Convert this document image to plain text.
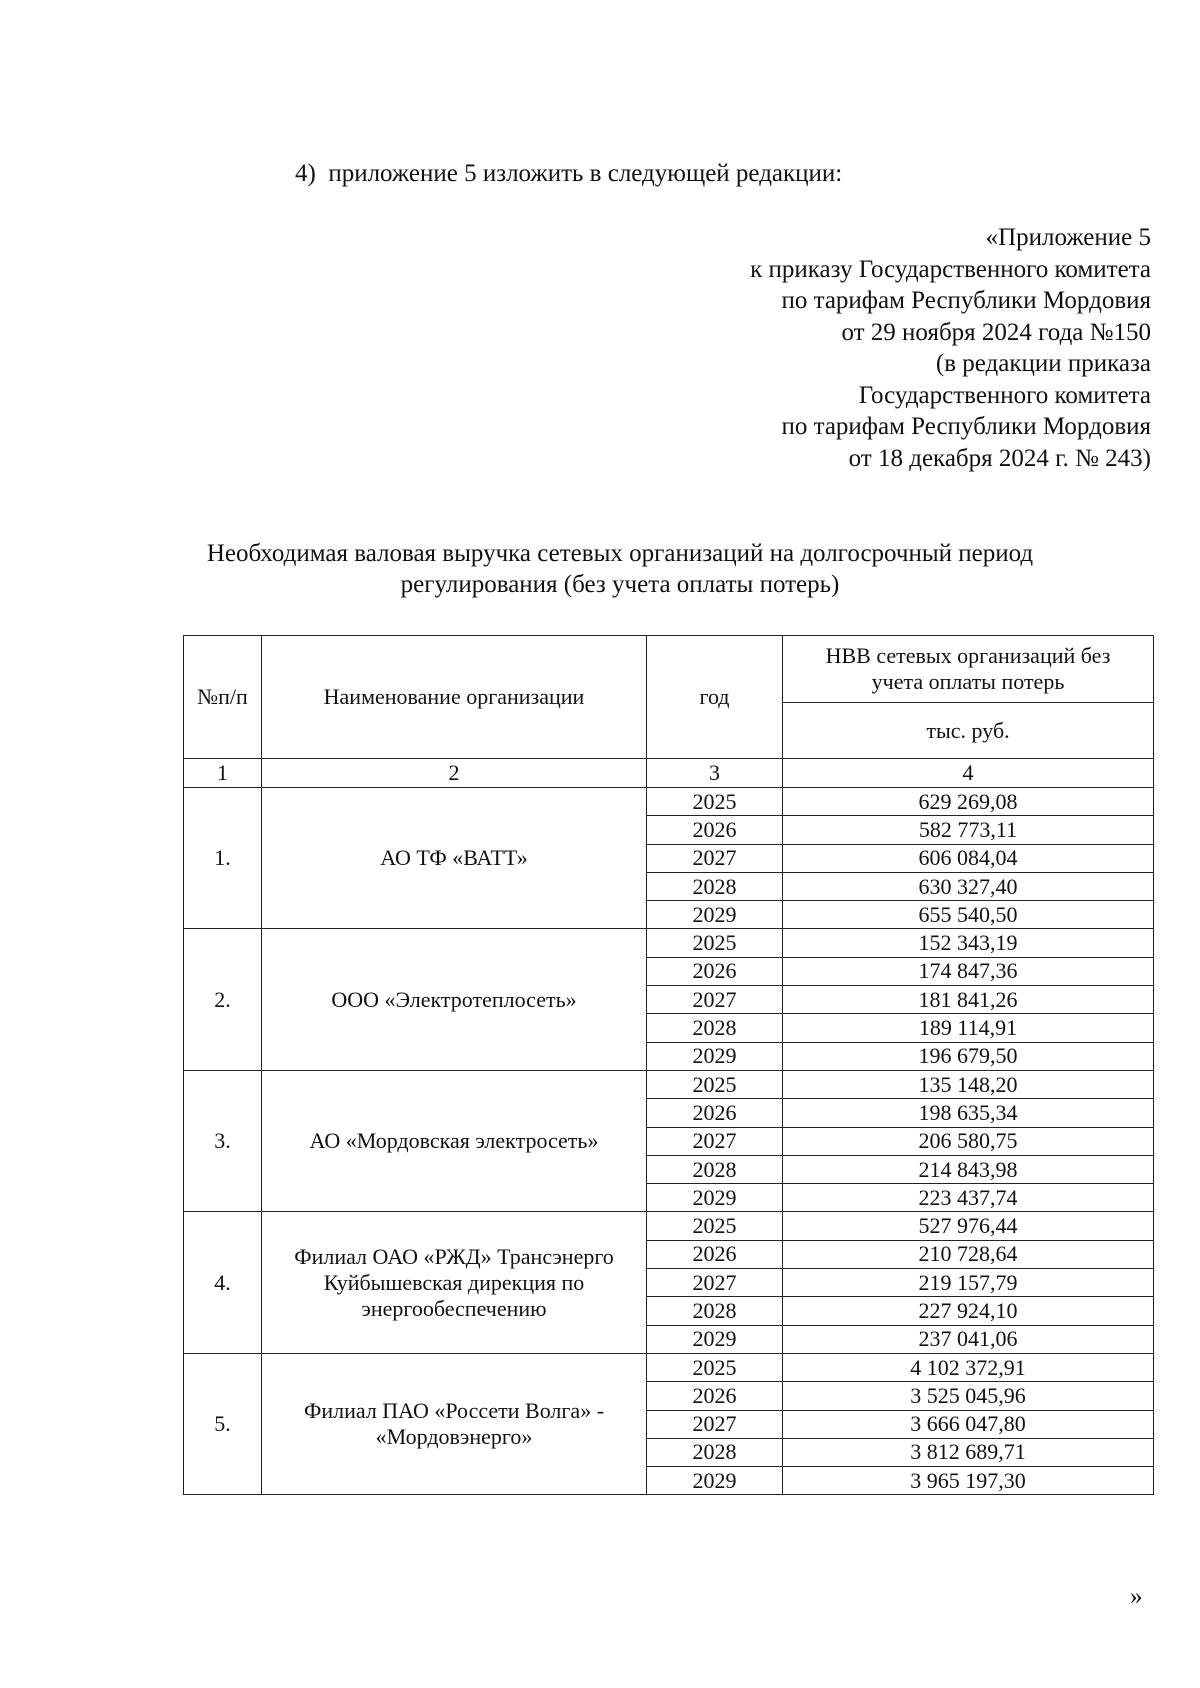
4)  приложение 5 изложить в следующей редакции:
«Приложение 5
к приказу Государственного комитета
по тарифам Республики Мордовия
от 29 ноября 2024 года №150
(в редакции приказа
Государственного комитета
по тарифам Республики Мордовия
от 18 декабря 2024 г. № 243)
Необходимая валовая выручка сетевых организаций на долгосрочный период
регулирования (без учета оплаты потерь)
№п/п	Наименование организации	год	НВВ сетевых организаций без учета оплаты потерь
			тыс. руб.
1	2	3	4
1.	АО ТФ «ВАТТ»	2025	629 269,08
		2026	582 773,11
		2027	606 084,04
		2028	630 327,40
		2029	655 540,50
2.	ООО «Электротеплосеть»	2025	152 343,19
		2026	174 847,36
		2027	181 841,26
		2028	189 114,91
		2029	196 679,50
3.	АО «Мордовская электросеть»	2025	135 148,20
		2026	198 635,34
		2027	206 580,75
		2028	214 843,98
		2029	223 437,74
4.	Филиал ОАО «РЖД» Трансэнерго Куйбышевская дирекция по энергообеспечению	2025	527 976,44
		2026	210 728,64
		2027	219 157,79
		2028	227 924,10
		2029	237 041,06
5.	Филиал ПАО «Россети Волга» - «Мордовэнерго»	2025	4 102 372,91
		2026	3 525 045,96
		2027	3 666 047,80
		2028	3 812 689,71
		2029	3 965 197,30
»
